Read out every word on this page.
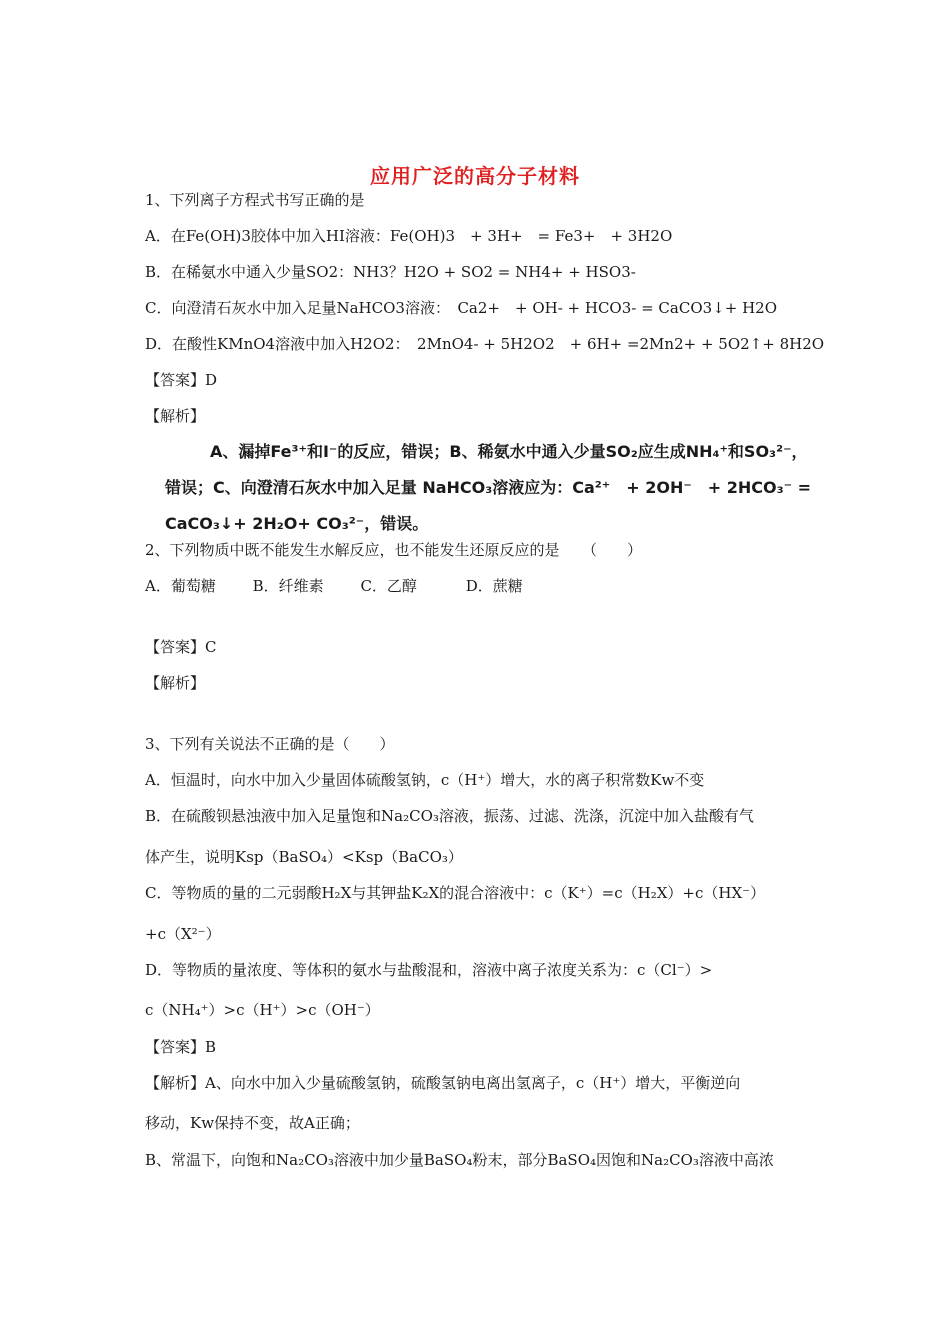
应用广泛的高分子材料
1、下列离子方程式书写正确的是
A．在Fe(OH)3胶体中加入HI溶液：Fe(OH)3　+ 3H+　= Fe3+　+ 3H2O
B．在稀氨水中通入少量SO2：NH3？H2O + SO2 = NH4+ + HSO3-
C．向澄清石灰水中加入足量NaHCO3溶液：　Ca2+　+ OH- + HCO3- = CaCO3↓+ H2O
D．在酸性KMnO4溶液中加入H2O2：　2MnO4- + 5H2O2　+ 6H+ =2Mn2+ + 5O2↑+ 8H2O
【答案】D
【解析】
A、漏掉Fe³⁺和I⁻的反应，错误；B、稀氨水中通入少量SO₂应生成NH₄⁺和SO₃²⁻，
错误；C、向澄清石灰水中加入足量 NaHCO₃溶液应为：Ca²⁺　+ 2OH⁻　+ 2HCO₃⁻ =
CaCO₃↓+ 2H₂O+ CO₃²⁻，错误。
2、下列物质中既不能发生水解反应，也不能发生还原反应的是　　（　　）
A．葡萄糖 B．纤维素 C．乙醇	D．蔗糖
【答案】C
【解析】
3、下列有关说法不正确的是（　　）
A．恒温时，向水中加入少量固体硫酸氢钠，c（H⁺）增大，水的离子积常数Kw不变
B．在硫酸钡悬浊液中加入足量饱和Na₂CO₃溶液，振荡、过滤、洗涤，沉淀中加入盐酸有气
体产生，说明Ksp（BaSO₄）<Ksp（BaCO₃）
C．等物质的量的二元弱酸H₂X与其钾盐K₂X的混合溶液中：c（K⁺）=c（H₂X）+c（HX⁻）
+c（X²⁻）
D．等物质的量浓度、等体积的氨水与盐酸混和，溶液中离子浓度关系为：c（Cl⁻）>
c（NH₄⁺）>c（H⁺）>c（OH⁻）
【答案】B
【解析】A、向水中加入少量硫酸氢钠，硫酸氢钠电离出氢离子，c（H⁺）增大，平衡逆向
移动，Kw保持不变，故A正确；
B、常温下，向饱和Na₂CO₃溶液中加少量BaSO₄粉末，部分BaSO₄因饱和Na₂CO₃溶液中高浓
